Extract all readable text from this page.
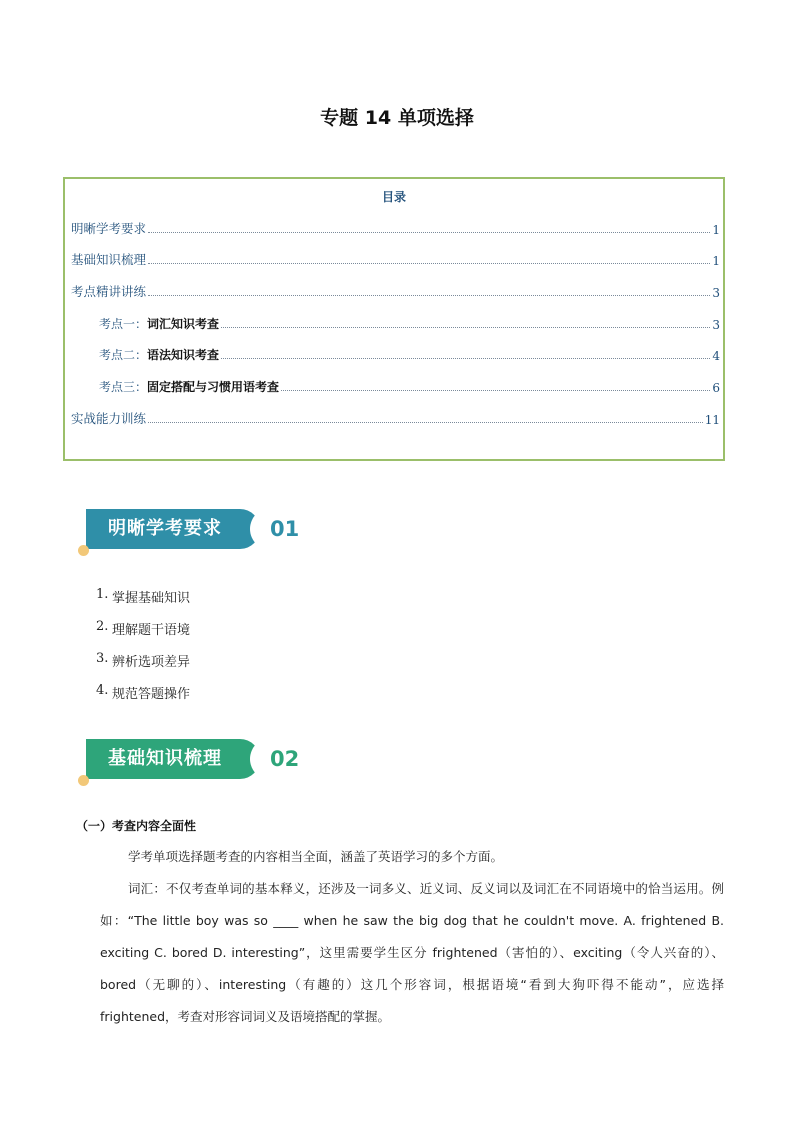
专题 14 单项选择
目录
明晰学考要求	1
基础知识梳理	1
考点精讲讲练	3
考点一：词汇知识考查	3
考点二：语法知识考查	4
考点三：固定搭配与习惯用语考查	6
实战能力训练	11
明晰学考要求 01
1. 掌握基础知识
2. 理解题干语境
3. 辨析选项差异
4. 规范答题操作
基础知识梳理 02
（一）考查内容全面性
学考单项选择题考查的内容相当全面，涵盖了英语学习的多个方面。
词汇：不仅考查单词的基本释义，还涉及一词多义、近义词、反义词以及词汇在不同语境中的恰当运用。例如：“The little boy was so ____ when he saw the big dog that he couldn't move. A. frightened B. exciting C. bored D. interesting”，这里需要学生区分 frightened（害怕的）、exciting（令人兴奋的）、bored（无聊的）、interesting（有趣的）这几个形容词，根据语境“看到大狗吓得不能动”，应选择 frightened，考查对形容词词义及语境搭配的掌握。
